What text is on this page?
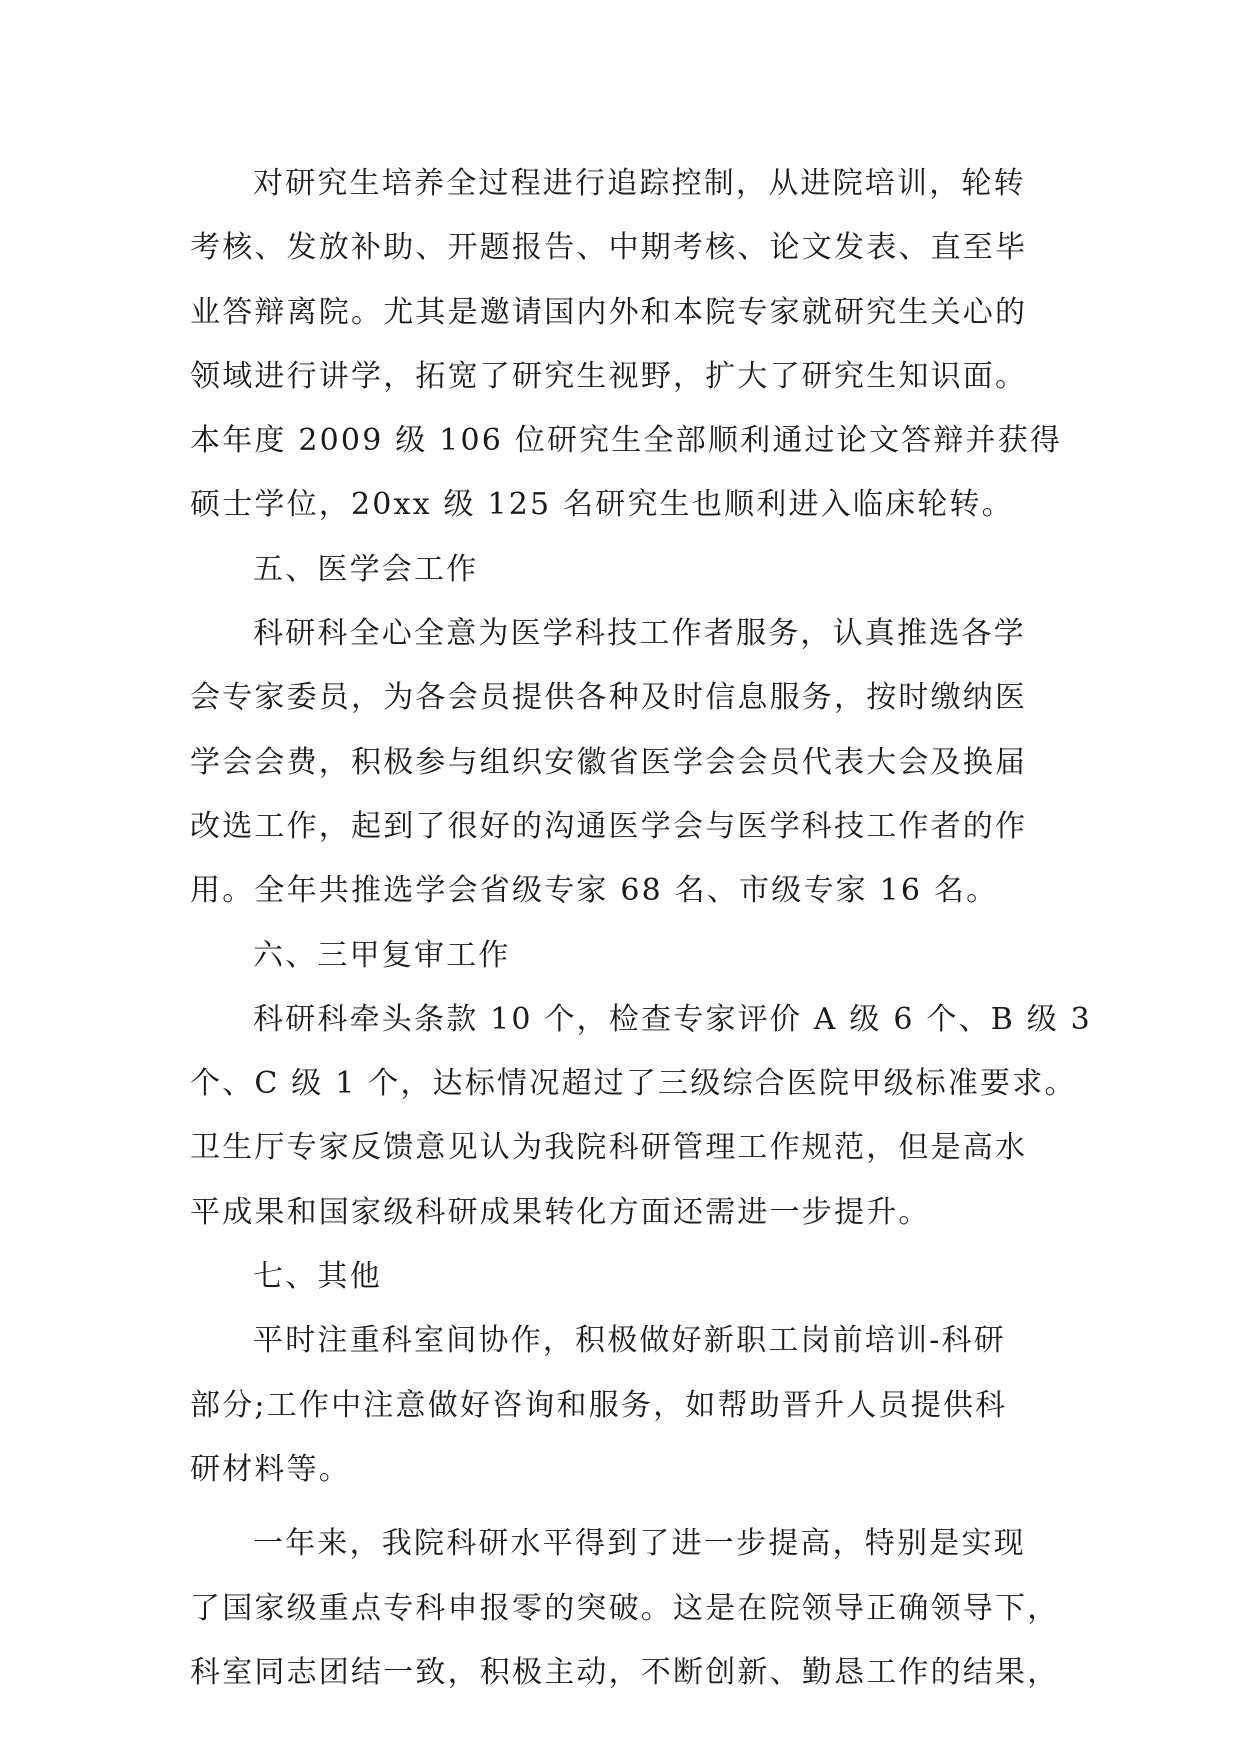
对研究生培养全过程进行追踪控制，从进院培训，轮转
考核、发放补助、开题报告、中期考核、论文发表、直至毕
业答辩离院。尤其是邀请国内外和本院专家就研究生关心的
领域进行讲学，拓宽了研究生视野，扩大了研究生知识面。
本年度 2009 级 106 位研究生全部顺利通过论文答辩并获得
硕士学位，20xx 级 125 名研究生也顺利进入临床轮转。
五、医学会工作
科研科全心全意为医学科技工作者服务，认真推选各学
会专家委员，为各会员提供各种及时信息服务，按时缴纳医
学会会费，积极参与组织安徽省医学会会员代表大会及换届
改选工作，起到了很好的沟通医学会与医学科技工作者的作
用。全年共推选学会省级专家 68 名、市级专家 16 名。
六、三甲复审工作
科研科牵头条款 10 个，检查专家评价 A 级 6 个、B 级 3
个、C 级 1 个，达标情况超过了三级综合医院甲级标准要求。
卫生厅专家反馈意见认为我院科研管理工作规范，但是高水
平成果和国家级科研成果转化方面还需进一步提升。
七、其他
平时注重科室间协作，积极做好新职工岗前培训-科研
部分;工作中注意做好咨询和服务，如帮助晋升人员提供科
研材料等。
一年来，我院科研水平得到了进一步提高，特别是实现
了国家级重点专科申报零的突破。这是在院领导正确领导下，
科室同志团结一致，积极主动，不断创新、勤恳工作的结果，
